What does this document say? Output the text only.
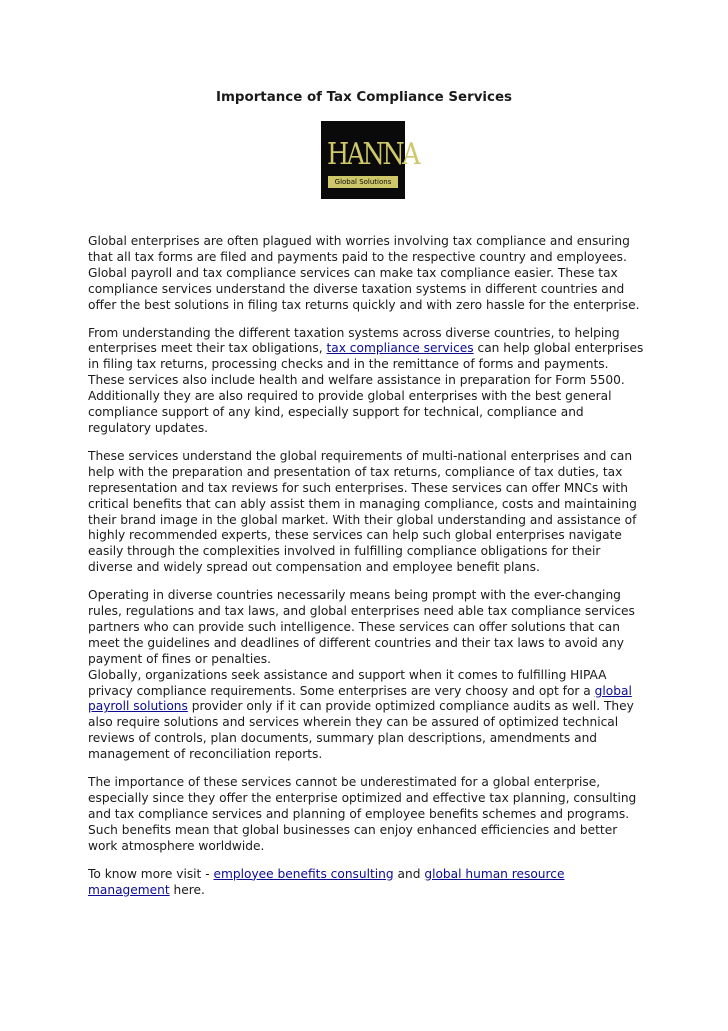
Importance of Tax Compliance Services
HANNA
Global Solutions

Global enterprises are often plagued with worries involving tax compliance and ensuring that all tax forms are filed and payments paid to the respective country and employees. Global payroll and tax compliance services can make tax compliance easier. These tax compliance services understand the diverse taxation systems in different countries and offer the best solutions in filing tax returns quickly and with zero hassle for the enterprise.

From understanding the different taxation systems across diverse countries, to helping enterprises meet their tax obligations, tax compliance services can help global enterprises in filing tax returns, processing checks and in the remittance of forms and payments. These services also include health and welfare assistance in preparation for Form 5500. Additionally they are also required to provide global enterprises with the best general compliance support of any kind, especially support for technical, compliance and regulatory updates.

These services understand the global requirements of multi-national enterprises and can help with the preparation and presentation of tax returns, compliance of tax duties, tax representation and tax reviews for such enterprises. These services can offer MNCs with critical benefits that can ably assist them in managing compliance, costs and maintaining their brand image in the global market. With their global understanding and assistance of highly recommended experts, these services can help such global enterprises navigate easily through the complexities involved in fulfilling compliance obligations for their diverse and widely spread out compensation and employee benefit plans.

Operating in diverse countries necessarily means being prompt with the ever-changing rules, regulations and tax laws, and global enterprises need able tax compliance services partners who can provide such intelligence. These services can offer solutions that can meet the guidelines and deadlines of different countries and their tax laws to avoid any payment of fines or penalties.

Globally, organizations seek assistance and support when it comes to fulfilling HIPAA privacy compliance requirements. Some enterprises are very choosy and opt for a global payroll solutions provider only if it can provide optimized compliance audits as well. They also require solutions and services wherein they can be assured of optimized technical reviews of controls, plan documents, summary plan descriptions, amendments and management of reconciliation reports.

The importance of these services cannot be underestimated for a global enterprise, especially since they offer the enterprise optimized and effective tax planning, consulting and tax compliance services and planning of employee benefits schemes and programs. Such benefits mean that global businesses can enjoy enhanced efficiencies and better work atmosphere worldwide.

To know more visit - employee benefits consulting and global human resource management here.
